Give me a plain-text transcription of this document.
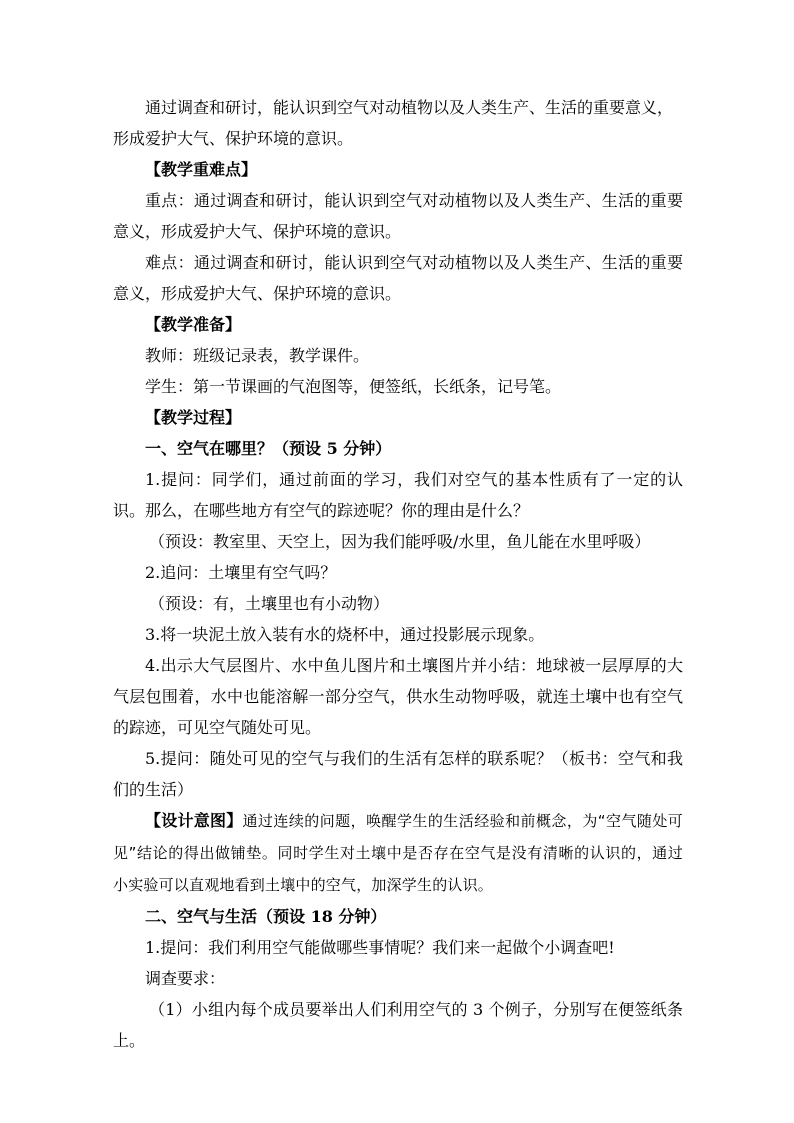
通过调查和研讨，能认识到空气对动植物以及人类生产、生活的重要意义，

形成爱护大气、保护环境的意识。

【教学重难点】

重点：通过调查和研讨，能认识到空气对动植物以及人类生产、生活的重要意义，形成爱护大气、保护环境的意识。

难点：通过调查和研讨，能认识到空气对动植物以及人类生产、生活的重要意义，形成爱护大气、保护环境的意识。

【教学准备】

教师：班级记录表，教学课件。

学生：第一节课画的气泡图等，便签纸，长纸条，记号笔。

【教学过程】

一、空气在哪里？（预设 5 分钟）

1.提问：同学们，通过前面的学习，我们对空气的基本性质有了一定的认识。那么，在哪些地方有空气的踪迹呢？你的理由是什么？

（预设：教室里、天空上，因为我们能呼吸/水里，鱼儿能在水里呼吸）

2.追问：土壤里有空气吗？

（预设：有，土壤里也有小动物）

3.将一块泥土放入装有水的烧杯中，通过投影展示现象。

4.出示大气层图片、水中鱼儿图片和土壤图片并小结：地球被一层厚厚的大气层包围着，水中也能溶解一部分空气，供水生动物呼吸，就连土壤中也有空气的踪迹，可见空气随处可见。

5.提问：随处可见的空气与我们的生活有怎样的联系呢？（板书：空气和我们的生活）

【设计意图】通过连续的问题，唤醒学生的生活经验和前概念，为“空气随处可见”结论的得出做铺垫。同时学生对土壤中是否存在空气是没有清晰的认识的，通过小实验可以直观地看到土壤中的空气，加深学生的认识。

二、空气与生活（预设 18 分钟）

1.提问：我们利用空气能做哪些事情呢？我们来一起做个小调查吧!

调查要求：

（1）小组内每个成员要举出人们利用空气的 3 个例子，分别写在便签纸条上。
